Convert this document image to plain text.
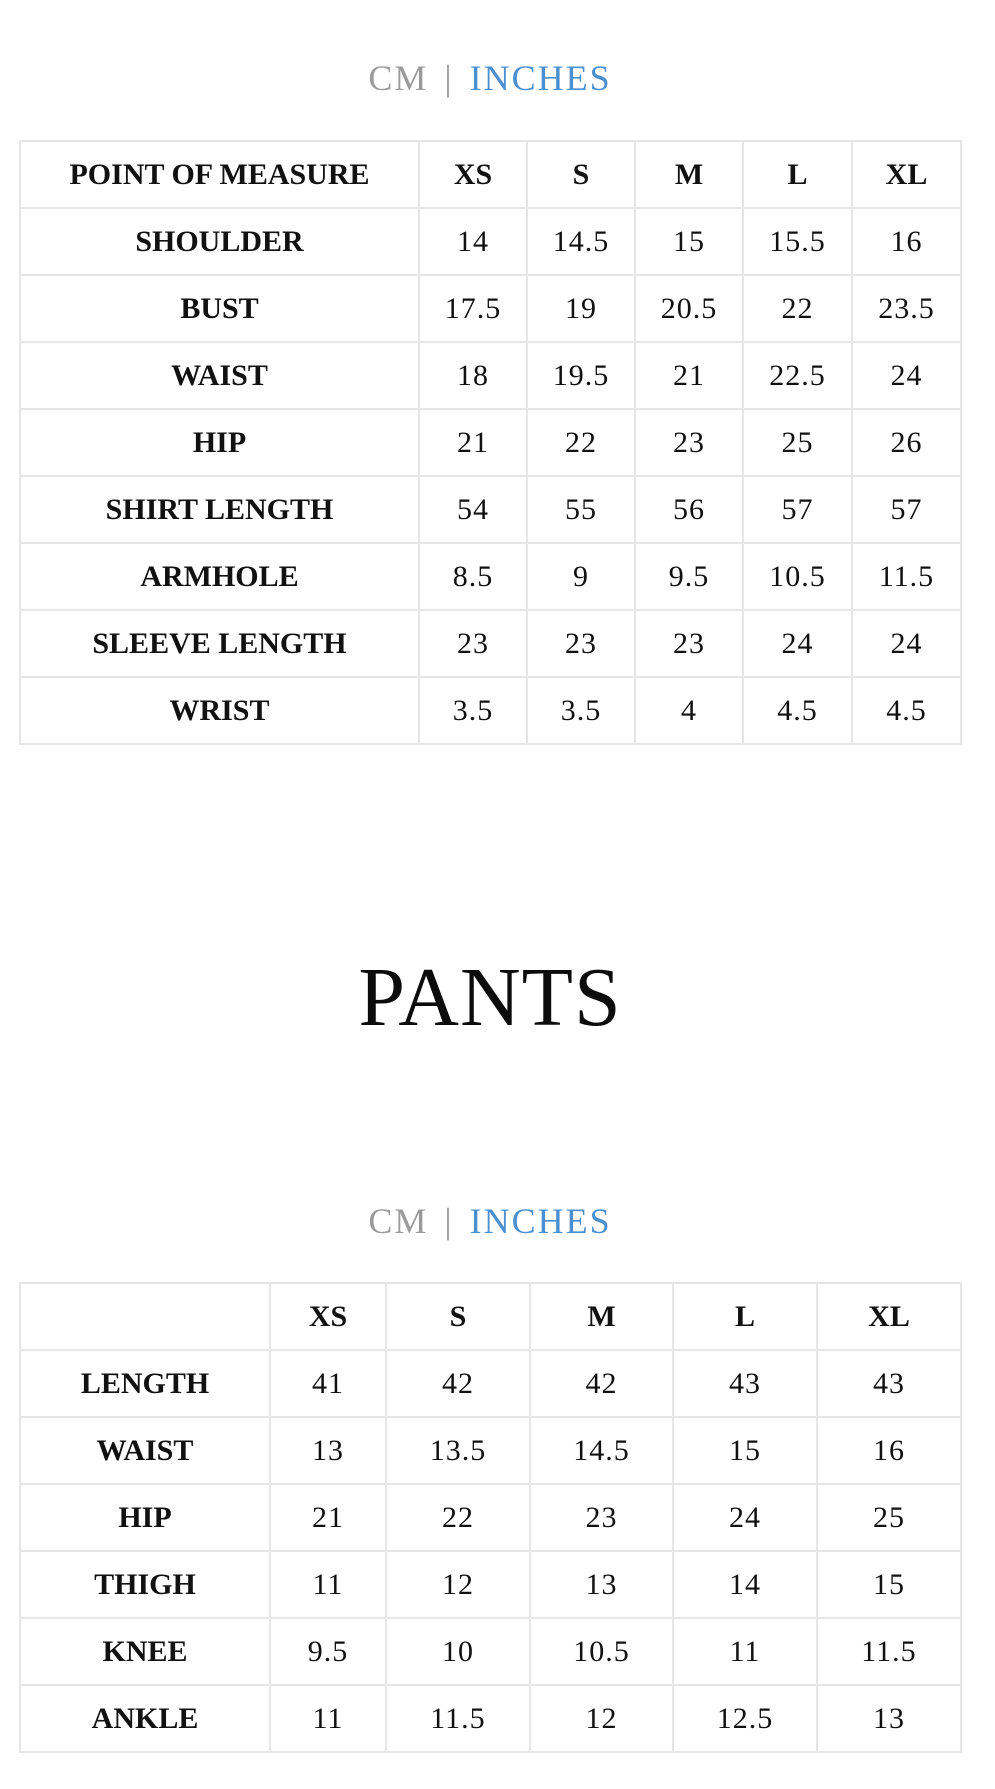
CM | INCHES
POINT OF MEASURE	XS	S	M	L	XL
SHOULDER	14	14.5	15	15.5	16
BUST	17.5	19	20.5	22	23.5
WAIST	18	19.5	21	22.5	24
HIP	21	22	23	25	26
SHIRT LENGTH	54	55	56	57	57
ARMHOLE	8.5	9	9.5	10.5	11.5
SLEEVE LENGTH	23	23	23	24	24
WRIST	3.5	3.5	4	4.5	4.5
PANTS
CM | INCHES
	XS	S	M	L	XL
LENGTH	41	42	42	43	43
WAIST	13	13.5	14.5	15	16
HIP	21	22	23	24	25
THIGH	11	12	13	14	15
KNEE	9.5	10	10.5	11	11.5
ANKLE	11	11.5	12	12.5	13
